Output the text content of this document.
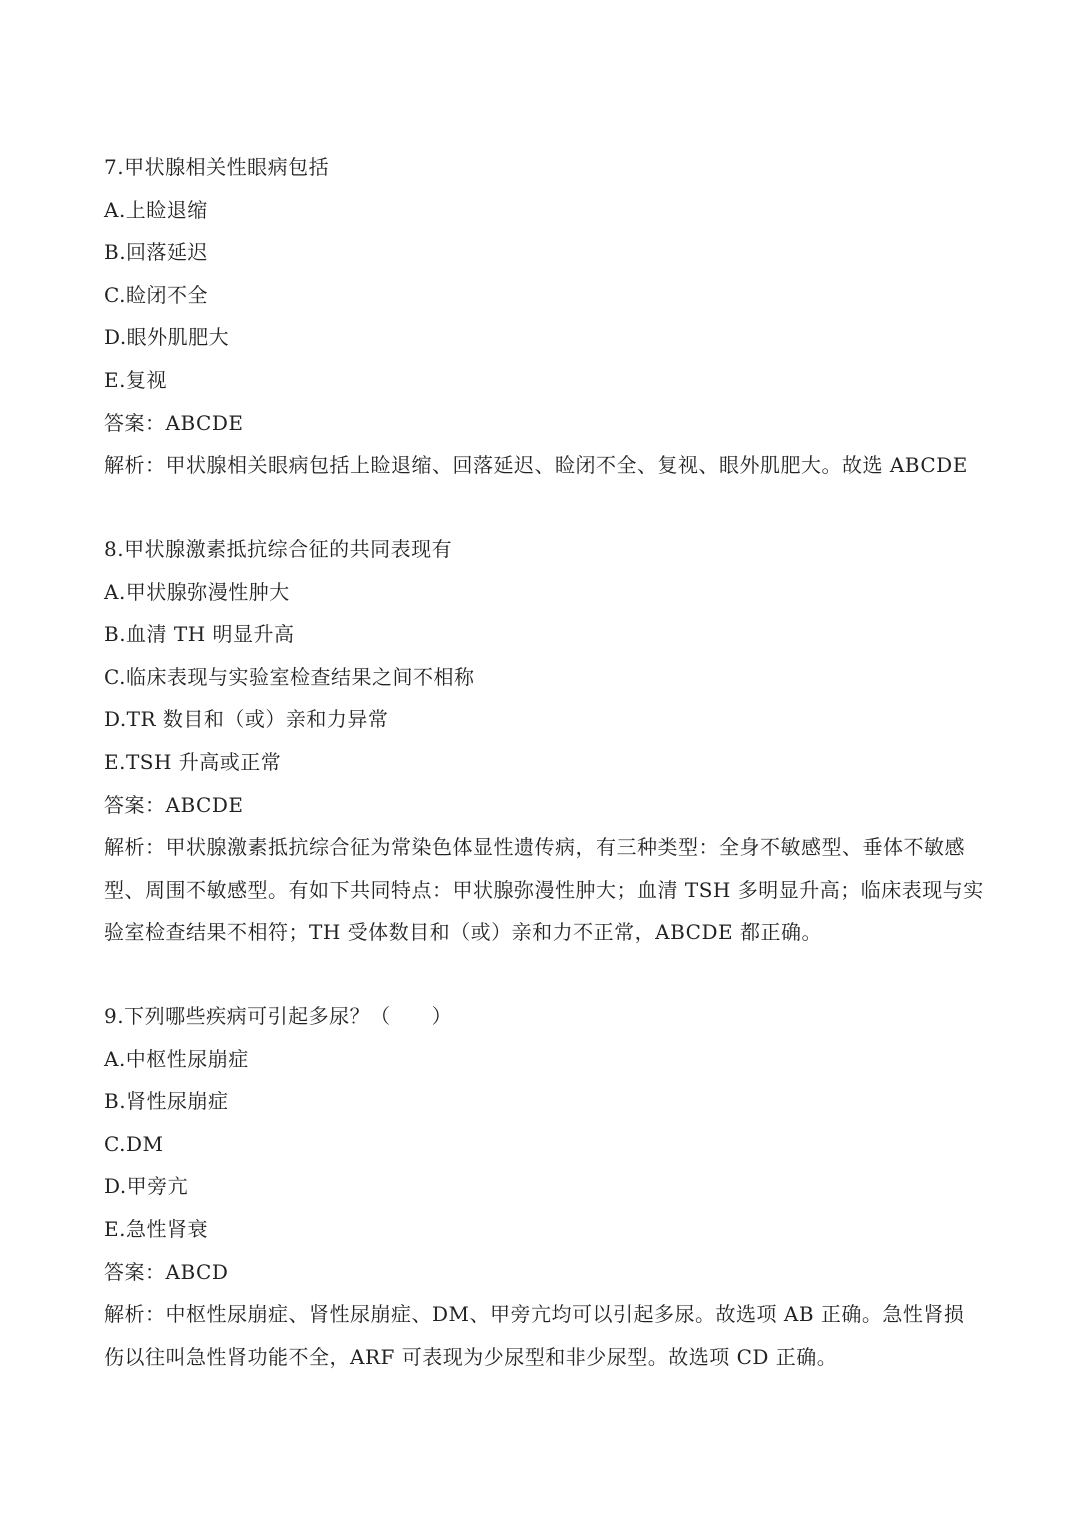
7.甲状腺相关性眼病包括
A.上睑退缩
B.回落延迟
C.睑闭不全
D.眼外肌肥大
E.复视
答案：ABCDE
解析：甲状腺相关眼病包括上睑退缩、回落延迟、睑闭不全、复视、眼外肌肥大。故选 ABCDE
8.甲状腺激素抵抗综合征的共同表现有
A.甲状腺弥漫性肿大
B.血清 TH 明显升高
C.临床表现与实验室检查结果之间不相称
D.TR 数目和（或）亲和力异常
E.TSH 升高或正常
答案：ABCDE
解析：甲状腺激素抵抗综合征为常染色体显性遗传病，有三种类型：全身不敏感型、垂体不敏感型、周围不敏感型。有如下共同特点：甲状腺弥漫性肿大；血清 TSH 多明显升高；临床表现与实验室检查结果不相符；TH 受体数目和（或）亲和力不正常，ABCDE 都正确。
9.下列哪些疾病可引起多尿？（　　）
A.中枢性尿崩症
B.肾性尿崩症
C.DM
D.甲旁亢
E.急性肾衰
答案：ABCD
解析：中枢性尿崩症、肾性尿崩症、DM、甲旁亢均可以引起多尿。故选项 AB 正确。急性肾损伤以往叫急性肾功能不全，ARF 可表现为少尿型和非少尿型。故选项 CD 正确。
